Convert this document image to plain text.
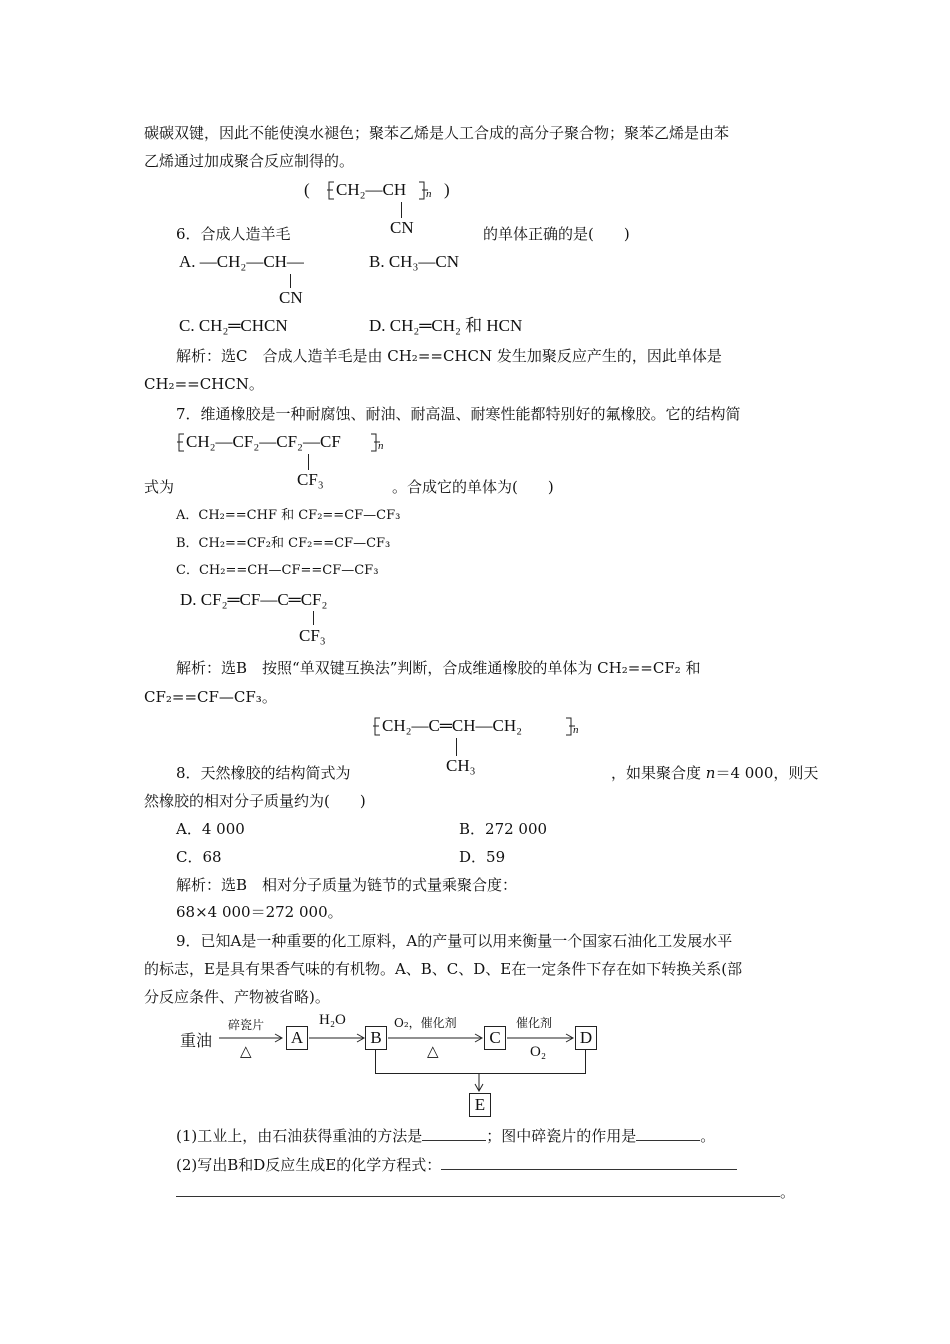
碳碳双键，因此不能使溴水褪色；聚苯乙烯是人工合成的高分子聚合物；聚苯乙烯是由苯
乙烯通过加成聚合反应制得的。
( CH₂—CH n )
CN
6．合成人造羊毛	的单体正确的是(　　)
A. —CH₂—CH—
CN
B. CH₃—CN
C. CH₂═CHCN	D. CH₂═CH₂ 和 HCN
解析：选C　合成人造羊毛是由 CH₂==CHCN 发生加聚反应产生的，因此单体是
CH₂==CHCN。
7．维通橡胶是一种耐腐蚀、耐油、耐高温、耐寒性能都特别好的氟橡胶。它的结构简
CH₂—CF₂—CF₂—CF	n
CF₃
式为	。合成它的单体为(　　)
A．CH₂==CHF 和 CF₂==CF—CF₃
B．CH₂==CF₂和 CF₂==CF—CF₃
C．CH₂==CH—CF==CF—CF₃
D. CF₂═CF—C═CF₂
CF₃
解析：选B　按照“单双键互换法”判断，合成维通橡胶的单体为 CH₂==CF₂ 和
CF₂==CF—CF₃。
CH₂—C═CH—CH₂	n
CH₃
8．天然橡胶的结构简式为	，如果聚合度 n＝4 000，则天
然橡胶的相对分子质量约为(　　)
A．4 000	B．272 000
C．68	D．59
解析：选B　相对分子质量为链节的式量乘聚合度：
68×4 000＝272 000。
9．已知A是一种重要的化工原料，A的产量可以用来衡量一个国家石油化工发展水平
的标志，E是具有果香气味的有机物。A、B、C、D、E在一定条件下存在如下转换关系(部
分反应条件、产物被省略)。
重油
碎瓷片
△
A
H₂O
B
O₂，催化剂
△
C
催化剂
O₂
D
E
(1)工业上，由石油获得重油的方法是	；图中碎瓷片的作用是	。
(2)写出B和D反应生成E的化学方程式：
。
